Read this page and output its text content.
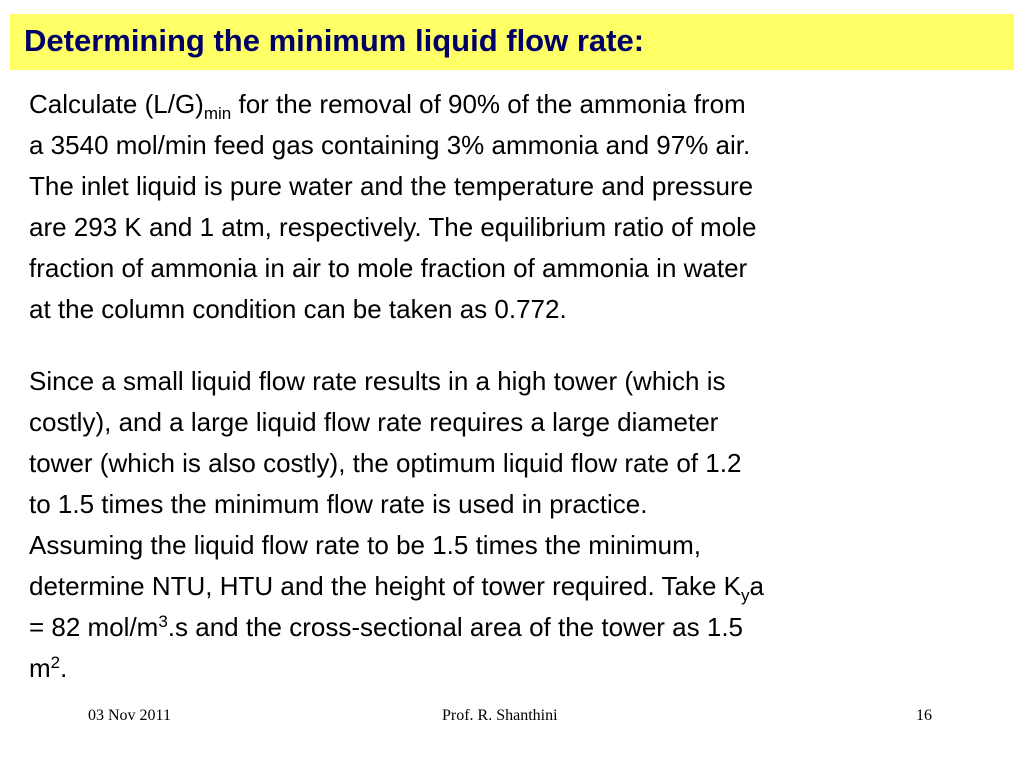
Determining the minimum liquid flow rate:
Calculate $(L/G)_{min}$ for the removal of 90% of the ammonia from
a 3540 mol/min feed gas containing 3% ammonia and 97% air.
The inlet liquid is pure water and the temperature and pressure
are 293 K and 1 atm, respectively. The equilibrium ratio of mole
fraction of ammonia in air to mole fraction of ammonia in water
at the column condition can be taken as 0.772.
Since a small liquid flow rate results in a high tower (which is
costly), and a large liquid flow rate requires a large diameter
tower (which is also costly), the optimum liquid flow rate of 1.2
to 1.5 times the minimum flow rate is used in practice.
Assuming the liquid flow rate to be 1.5 times the minimum,
determine NTU, HTU and the height of tower required. Take $K_ya$
= 82 mol/$m^3.s$ and the cross-sectional area of the tower as 1.5
$m^2$.
03 Nov 2011	Prof. R. Shanthini	16
